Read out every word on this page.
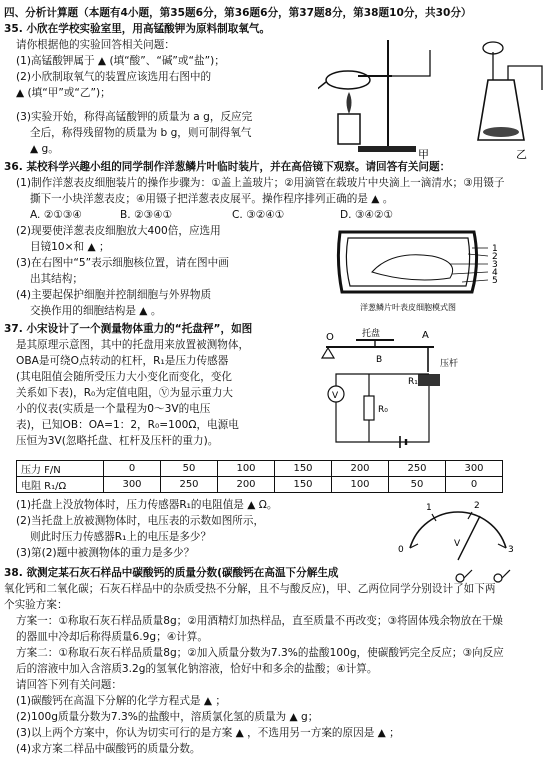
四、分析计算题（本题有4小题，第35题6分，第36题6分，第37题8分，第38题10分，共30分）
35. 小欣在学校实验室里，用高锰酸钾为原料制取氧气。
请你根据他的实验回答相关问题：
(1)高锰酸钾属于 ▲ (填“酸”、“碱”或“盐”)；
(2)小欣制取氧气的装置应该选用右图中的
▲ (填“甲”或“乙”)；
(3)实验开始，称得高锰酸钾的质量为 a g，反应完
全后，称得残留物的质量为 b g，则可制得氧气
▲ g。	甲	乙
36. 某校科学兴趣小组的同学制作洋葱鳞片叶临时装片，并在高倍镜下观察。请回答有关问题：
(1)制作洋葱表皮细胞装片的操作步骤为：①盖上盖玻片；②用滴管在载玻片中央滴上一滴清水；③用镊子
撕下一小块洋葱表皮；④用镊子把洋葱表皮展平。操作程序排列正确的是 ▲ 。
A. ②①③④	B. ②③④①	C. ③②④①	D. ③④②①
(2)现要使洋葱表皮细胞放大400倍，应选用
目镜10×和 ▲ ；
(3)在右图中“5”表示细胞核位置，请在图中画
出其结构；
(4)主要起保护细胞并控制细胞与外界物质
交换作用的细胞结构是 ▲ 。
1
2
3
4
5
洋葱鳞片叶表皮细胞模式图
37. 小宋设计了一个测量物体重力的“托盘秤”，如图
是其原理示意图，其中的托盘用来放置被测物体，
OBA是可绕O点转动的杠杆，R₁是压力传感器
(其电阻值会随所受压力大小变化而变化，变化
关系如下表)，R₀为定值电阻，Ⓥ为显示重力大
小的仪表(实质是一个量程为0～3V的电压
表)，已知OB：OA=1：2，R₀=100Ω，电源电
压恒为3V(忽略托盘、杠杆及压杆的重力)。
O	托盘	A
B	压杆
R₁
V
R₀
压力 F/N	0	50	100	150	200	250	300
电阻 R₁/Ω	300	250	200	150	100	50	0
(1)托盘上没放物体时，压力传感器R₁的电阻值是 ▲ Ω。
(2)当托盘上放被测物体时，电压表的示数如图所示，
则此时压力传感器R₁上的电压是多少？
(3)第(2)题中被测物体的重力是多少？	0
1	2
3
V
38. 欲测定某石灰石样品中碳酸钙的质量分数(碳酸钙在高温下分解生成
氧化钙和二氧化碳；石灰石样品中的杂质受热不分解，且不与酸反应)，甲、乙两位同学分别设计了如下两
个实验方案：
方案一：①称取石灰石样品质量8g；②用酒精灯加热样品，直至质量不再改变；③将固体残余物放在干燥
的器皿中冷却后称得质量6.9g；④计算。
方案二：①称取石灰石样品质量8g；②加入质量分数为7.3%的盐酸100g，使碳酸钙完全反应；③向反应
后的溶液中加入含溶质3.2g的氢氧化钠溶液，恰好中和多余的盐酸；④计算。
请回答下列有关问题：
(1)碳酸钙在高温下分解的化学方程式是 ▲ ；
(2)100g质量分数为7.3%的盐酸中，溶质氯化氢的质量为 ▲ g；
(3)以上两个方案中，你认为切实可行的是方案 ▲ ，不选用另一方案的原因是 ▲ ；
(4)求方案二样品中碳酸钙的质量分数。
